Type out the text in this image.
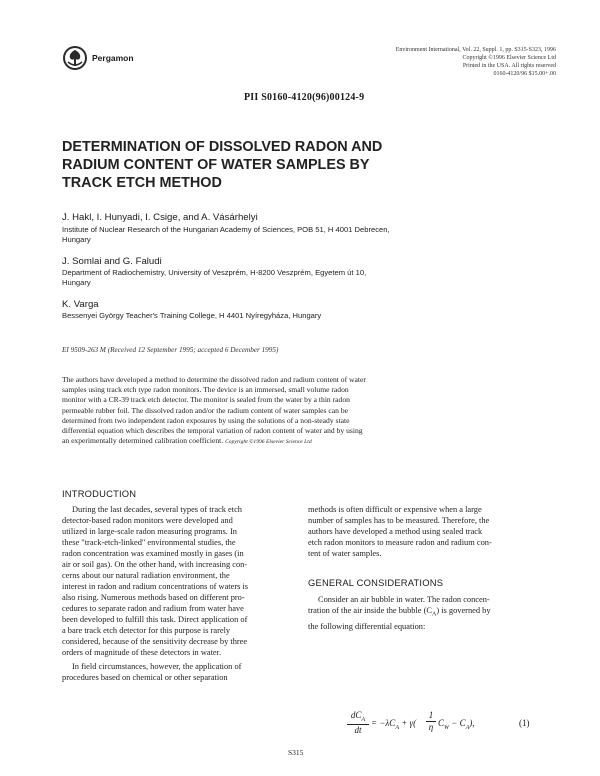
Pergamon
Environment International, Vol. 22, Suppl. 1, pp. S315-S323, 1996
Copyright ©1996 Elsevier Science Ltd
Printed in the USA. All rights reserved
0160-4120/96 $15.00+.00
PII S0160-4120(96)00124-9
DETERMINATION OF DISSOLVED RADON AND
RADIUM CONTENT OF WATER SAMPLES BY
TRACK ETCH METHOD
J. Hakl, I. Hunyadi, I. Csige, and A. Vásárhelyi
Institute of Nuclear Research of the Hungarian Academy of Sciences, POB 51, H 4001 Debrecen,
Hungary
J. Somlai and G. Faludi
Department of Radiochemistry, University of Veszprém, H-8200 Veszprém, Egyetem út 10,
Hungary
K. Varga
Bessenyei György Teacher's Training College, H 4401 Nyíregyháza, Hungary
EI 9509-263 M (Received 12 September 1995; accepted 6 December 1995)

The authors have developed a method to determine the dissolved radon and radium content of water
samples using track etch type radon monitors. The device is an immersed, small volume radon
monitor with a CR-39 track etch detector. The monitor is sealed from the water by a thin radon
permeable rubber foil. The dissolved radon and/or the radium content of water samples can be
determined from two independent radon exposures by using the solutions of a non-steady state
differential equation which describes the temporal variation of radon content of water and by using
an experimentally determined calibration coefficient. Copyright ©1996 Elsevier Science Ltd

INTRODUCTION
During the last decades, several types of track etch
detector-based radon monitors were developed and
utilized in large-scale radon measuring programs. In
these "track-etch-linked" environmental studies, the
radon concentration was examined mostly in gases (in
air or soil gas). On the other hand, with increasing con-
cerns about our natural radiation environment, the
interest in radon and radium concentrations of waters is
also rising. Numerous methods based on different pro-
cedures to separate radon and radium from water have
been developed to fulfill this task. Direct application of
a bare track etch detector for this purpose is rarely
considered, because of the sensitivity decrease by three
orders of magnitude of these detectors in water.
In field circumstances, however, the application of
procedures based on chemical or other separation
methods is often difficult or expensive when a large
number of samples has to be measured. Therefore, the
authors have developed a method using sealed track
etch radon monitors to measure radon and radium con-
tent of water samples.
GENERAL CONSIDERATIONS
Consider an air bubble in water. The radon concen-
tration of the air inside the bubble $(C_A)$ is governed by
the following differential equation:
$dC_A$
dt
= $-\lambda C_A + \gamma( \frac{1}{\eta} C_W - C_A)$,	(1)
S315
